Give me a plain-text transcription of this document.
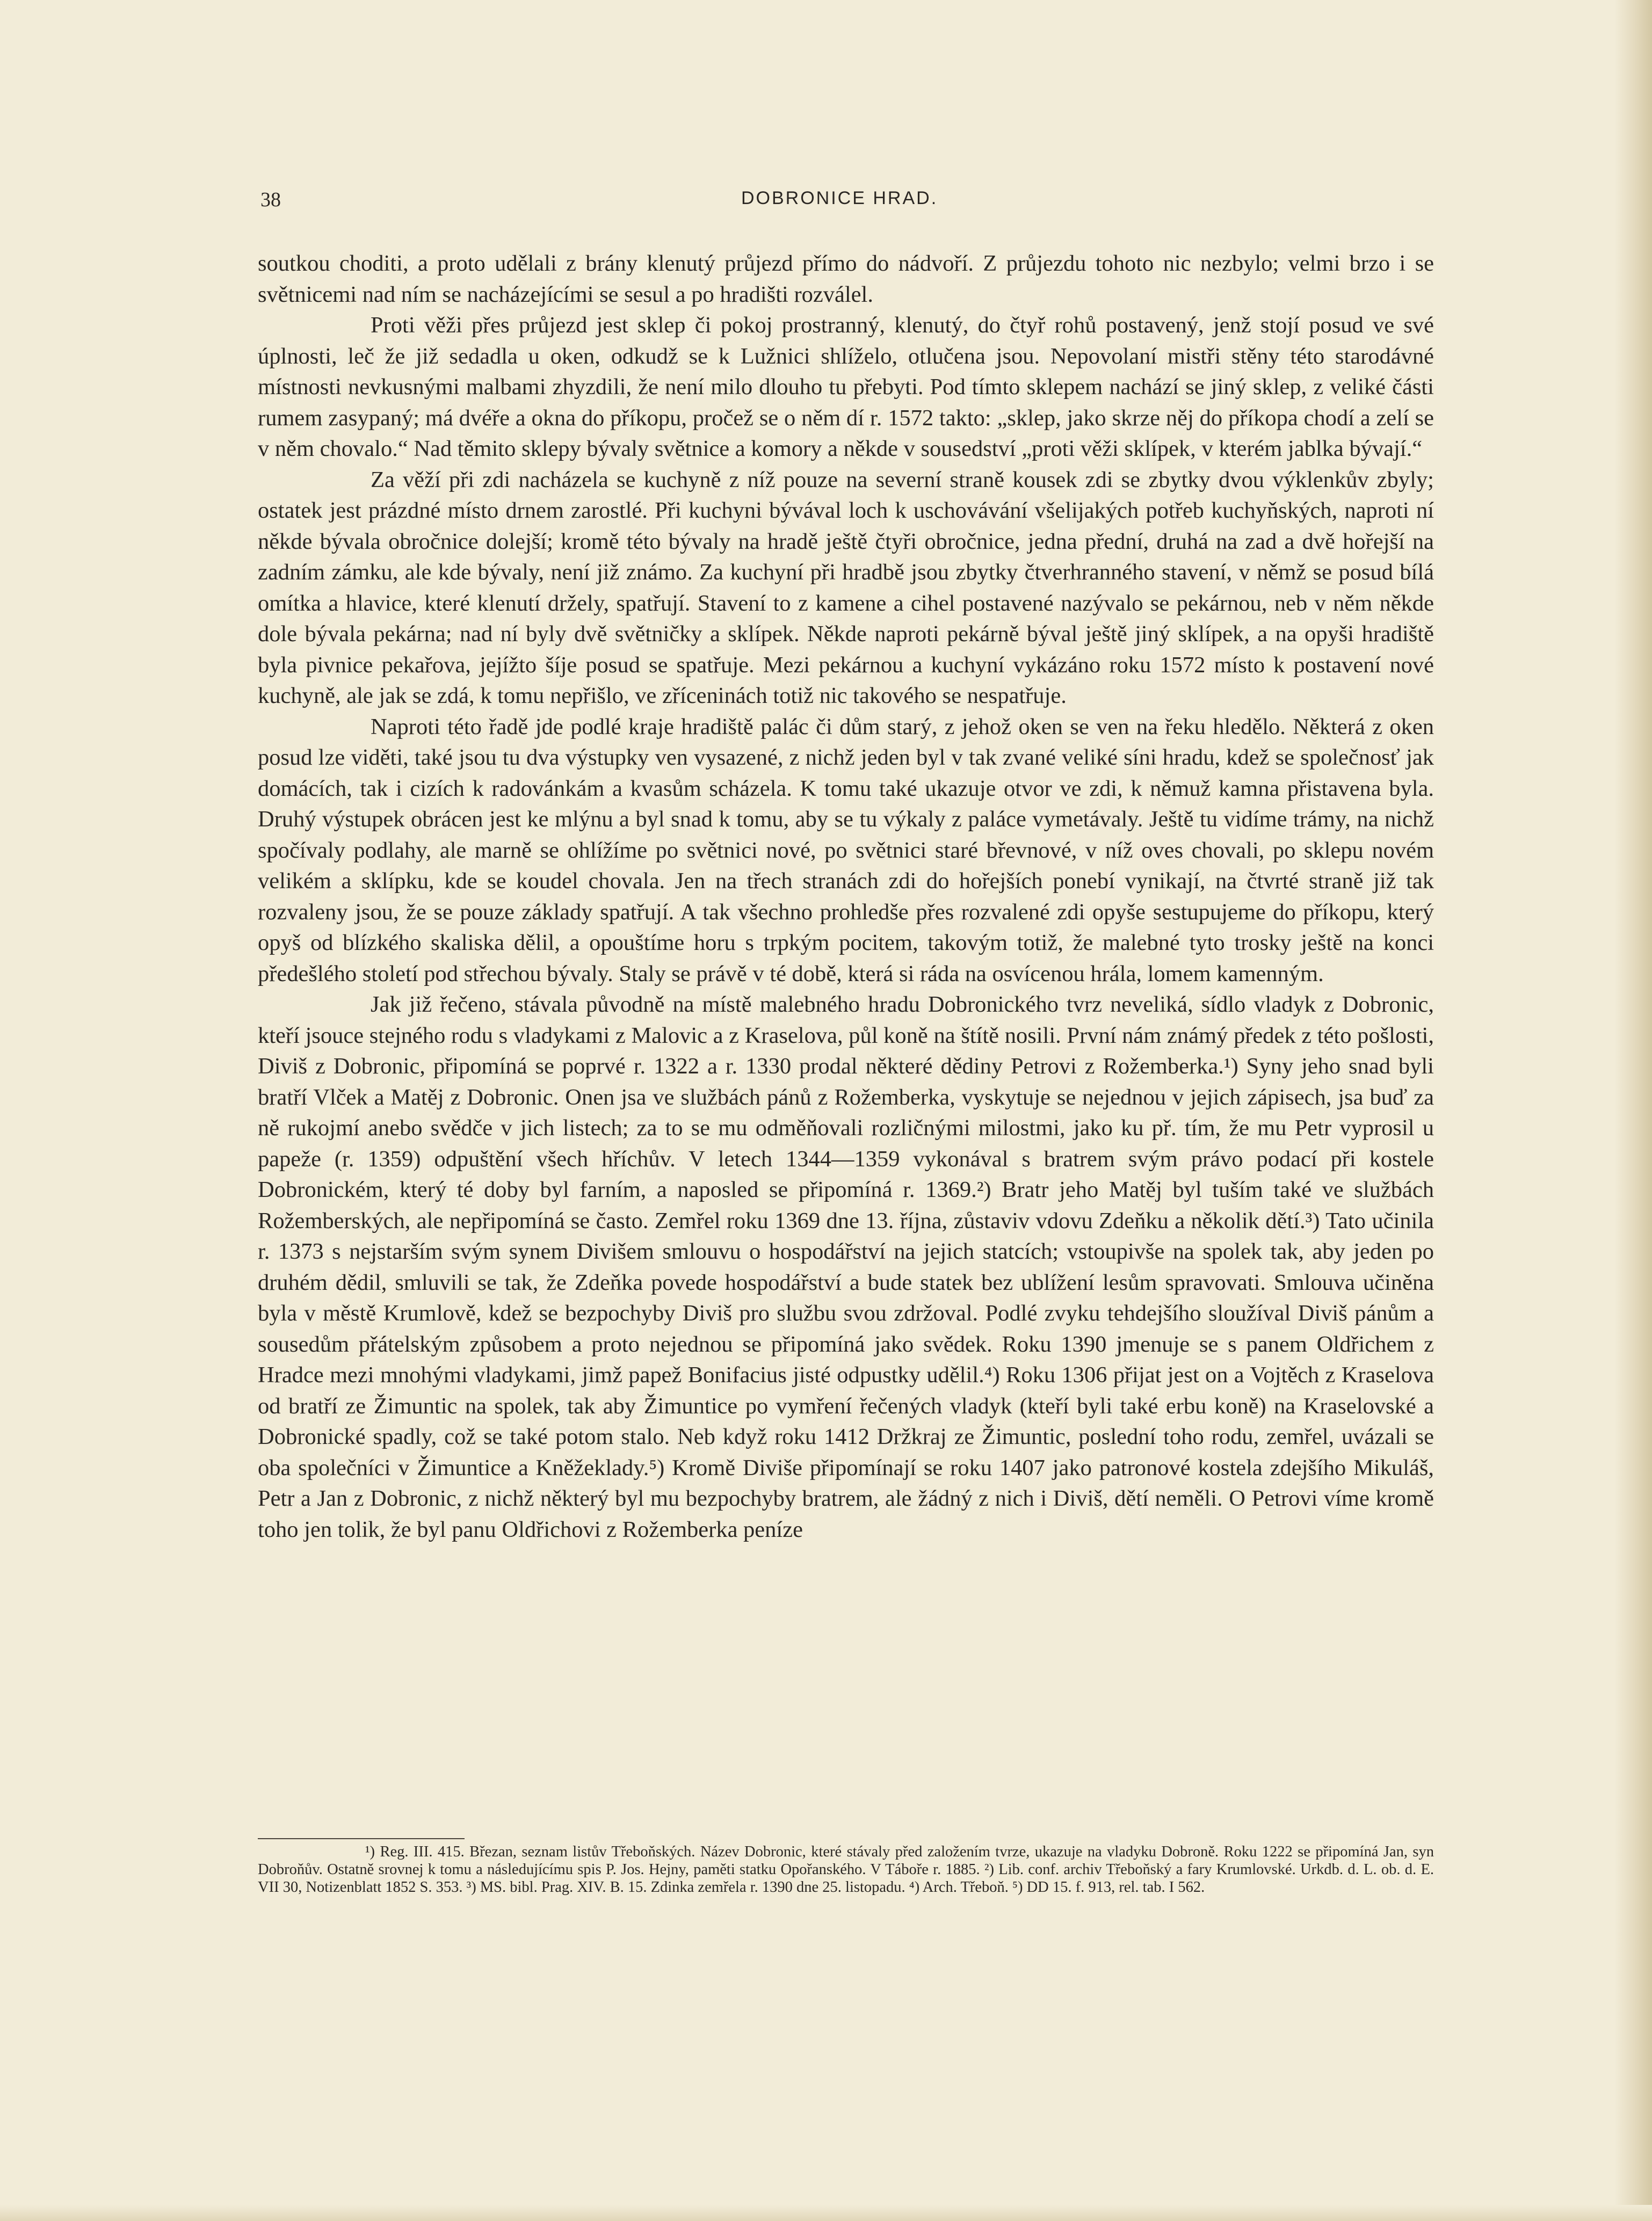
38	DOBRONICE HRAD.

soutkou choditi, a proto udělali z brány klenutý průjezd přímo do nádvoří. Z průjezdu tohoto nic nezbylo; velmi brzo i se světnicemi nad ním se nacházejícími se sesul a po hradišti rozválel.

Proti věži přes průjezd jest sklep či pokoj prostranný, klenutý, do čtyř rohů postavený, jenž stojí posud ve své úplnosti, leč že již sedadla u oken, odkudž se k Lužnici shlíželo, otlučena jsou. Nepovolaní mistři stěny této starodávné místnosti nevkusnými malbami zhyzdili, že není milo dlouho tu přebyti. Pod tímto sklepem nachází se jiný sklep, z veliké části rumem zasypaný; má dvéře a okna do příkopu, pročež se o něm dí r. 1572 takto: „sklep, jako skrze něj do příkopa chodí a zelí se v něm chovalo.“ Nad těmito sklepy bývaly světnice a komory a někde v sousedství „proti věži sklípek, v kterém jablka bývají.“

Za věží při zdi nacházela se kuchyně z níž pouze na severní straně kousek zdi se zbytky dvou výklenkův zbyly; ostatek jest prázdné místo drnem zarostlé. Při kuchyni bývával loch k uschovávání všelijakých potřeb kuchyňských, naproti ní někde bývala obročnice dolejší; kromě této bývaly na hradě ještě čtyři obročnice, jedna přední, druhá na zad a dvě hořejší na zadním zámku, ale kde bývaly, není již známo. Za kuchyní při hradbě jsou zbytky čtverhranného stavení, v němž se posud bílá omítka a hlavice, které klenutí držely, spatřují. Stavení to z kamene a cihel postavené nazývalo se pekárnou, neb v něm někde dole bývala pekárna; nad ní byly dvě světničky a sklípek. Někde naproti pekárně býval ještě jiný sklípek, a na opyši hradiště byla pivnice pekařova, jejížto šíje posud se spatřuje. Mezi pekárnou a kuchyní vykázáno roku 1572 místo k postavení nové kuchyně, ale jak se zdá, k tomu nepřišlo, ve zříceninách totiž nic takového se nespatřuje.

Naproti této řadě jde podlé kraje hradiště palác či dům starý, z jehož oken se ven na řeku hledělo. Některá z oken posud lze viděti, také jsou tu dva výstupky ven vysazené, z nichž jeden byl v tak zvané veliké síni hradu, kdež se společnosť jak domácích, tak i cizích k radovánkám a kvasům scházela. K tomu také ukazuje otvor ve zdi, k němuž kamna přistavena byla. Druhý výstupek obrácen jest ke mlýnu a byl snad k tomu, aby se tu výkaly z paláce vymetávaly. Ještě tu vidíme trámy, na nichž spočívaly podlahy, ale marně se ohlížíme po světnici nové, po světnici staré břevnové, v níž oves chovali, po sklepu novém velikém a sklípku, kde se koudel chovala. Jen na třech stranách zdi do hořejších ponebí vynikají, na čtvrté straně již tak rozvaleny jsou, že se pouze základy spatřují. A tak všechno prohledše přes rozvalené zdi opyše sestupujeme do příkopu, který opyš od blízkého skaliska dělil, a opouštíme horu s trpkým pocitem, takovým totiž, že malebné tyto trosky ještě na konci předešlého století pod střechou bývaly. Staly se právě v té době, která si ráda na osvícenou hrála, lomem kamenným.

Jak již řečeno, stávala původně na místě malebného hradu Dobronického tvrz neveliká, sídlo vladyk z Dobronic, kteří jsouce stejného rodu s vladykami z Malovic a z Kraselova, půl koně na štítě nosili. První nám známý předek z této pošlosti, Diviš z Dobronic, připomíná se poprvé r. 1322 a r. 1330 prodal některé dědiny Petrovi z Rožemberka.¹) Syny jeho snad byli bratří Vlček a Matěj z Dobronic. Onen jsa ve službách pánů z Rožemberka, vyskytuje se nejednou v jejich zápisech, jsa buď za ně rukojmí anebo svědče v jich listech; za to se mu odměňovali rozličnými milostmi, jako ku př. tím, že mu Petr vyprosil u papeže (r. 1359) odpuštění všech hříchův. V letech 1344—1359 vykonával s bratrem svým právo podací při kostele Dobronickém, který té doby byl farním, a naposled se připomíná r. 1369.²) Bratr jeho Matěj byl tuším také ve službách Rožemberských, ale nepřipomíná se často. Zemřel roku 1369 dne 13. října, zůstaviv vdovu Zdeňku a několik dětí.³) Tato učinila r. 1373 s nejstarším svým synem Divišem smlouvu o hospodářství na jejich statcích; vstoupivše na spolek tak, aby jeden po druhém dědil, smluvili se tak, že Zdeňka povede hospodářství a bude statek bez ublížení lesům spravovati. Smlouva učiněna byla v městě Krumlově, kdež se bezpochyby Diviš pro službu svou zdržoval. Podlé zvyku tehdejšího sloužíval Diviš pánům a sousedům přátelským způsobem a proto nejednou se připomíná jako svědek. Roku 1390 jmenuje se s panem Oldřichem z Hradce mezi mnohými vladykami, jimž papež Bonifacius jisté odpustky udělil.⁴) Roku 1306 přijat jest on a Vojtěch z Kraselova od bratří ze Žimuntic na spolek, tak aby Žimuntice po vymření řečených vladyk (kteří byli také erbu koně) na Kraselovské a Dobronické spadly, což se také potom stalo. Neb když roku 1412 Držkraj ze Žimuntic, poslední toho rodu, zemřel, uvázali se oba společníci v Žimuntice a Kněžeklady.⁵) Kromě Diviše připomínají se roku 1407 jako patronové kostela zdejšího Mikuláš, Petr a Jan z Dobronic, z nichž některý byl mu bezpochyby bratrem, ale žádný z nich i Diviš, dětí neměli. O Petrovi víme kromě toho jen tolik, že byl panu Oldřichovi z Rožemberka peníze

¹) Reg. III. 415. Březan, seznam listův Třeboňských. Název Dobronic, které stávaly před založením tvrze, ukazuje na vladyku Dobroně. Roku 1222 se připomíná Jan, syn Dobroňův. Ostatně srovnej k tomu a následujícímu spis P. Jos. Hejny, paměti statku Opořanského. V Táboře r. 1885. ²) Lib. conf. archiv Třeboňský a fary Krumlovské. Urkdb. d. L. ob. d. E. VII 30, Notizenblatt 1852 S. 353. ³) MS. bibl. Prag. XIV. B. 15. Zdinka zemřela r. 1390 dne 25. listopadu. ⁴) Arch. Třeboň. ⁵) DD 15. f. 913, rel. tab. I 562.
